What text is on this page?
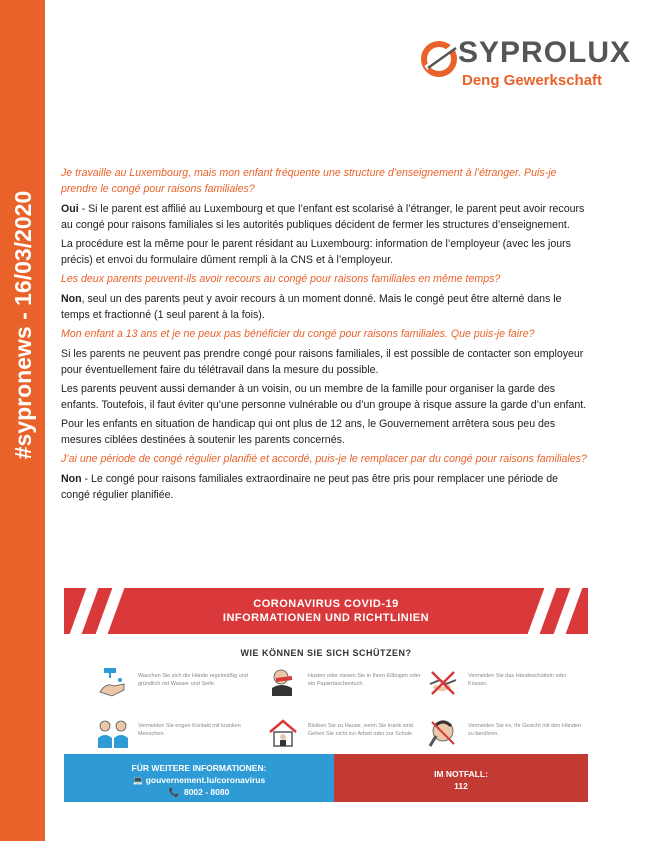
#sypronews - 16/03/2020
SYPROLUX
Deng Gewerkschaft

Je travaille au Luxembourg, mais mon enfant fréquente une structure d’enseignement à l’étranger. Puis-je prendre le congé pour raisons familiales?

Oui - Si le parent est affilié au Luxembourg et que l’enfant est scolarisé à l’étranger, le parent peut avoir recours au congé pour raisons familiales si les autorités publiques décident de fermer les structures d’enseignement.

La procédure est la même pour le parent résidant au Luxembourg: information de l’employeur (avec les jours précis) et envoi du formulaire dûment rempli à la CNS et à l’employeur.

Les deux parents peuvent-ils avoir recours au congé pour raisons familiales en même temps?

Non, seul un des parents peut y avoir recours à un moment donné. Mais le congé peut être alterné dans le temps et fractionné (1 seul parent à la fois).

Mon enfant a 13 ans et je ne peux pas bénéficier du congé pour raisons familiales. Que puis-je faire?

Si les parents ne peuvent pas prendre congé pour raisons familiales, il est possible de contacter son employeur pour éventuellement faire du télétravail dans la mesure du possible.

Les parents peuvent aussi demander à un voisin, ou un membre de la famille pour organiser la garde des enfants. Toutefois, il faut éviter qu’une personne vulnérable ou d’un groupe à risque assure la garde d’un enfant.

Pour les enfants en situation de handicap qui ont plus de 12 ans, le Gouvernement arrêtera sous peu des mesures ciblées destinées à soutenir les parents concernés.

J’ai une période de congé régulier planifié et accordé, puis-je le remplacer par du congé pour raisons familiales?

Non - Le congé pour raisons familiales extraordinaire ne peut pas être pris pour remplacer une période de congé régulier planifiée.

CORONAVIRUS COVID-19
INFORMATIONEN UND RICHTLINIEN
WIE KÖNNEN SIE SICH SCHÜTZEN?
Waschen Sie sich die Hände regelmäßig und gründlich mit Wasser und Seife.
Husten oder niesen Sie in Ihren Ellbogen oder ein Papiertaschentuch.
Vermeiden Sie das Händeschütteln oder Küssen.
Vermeiden Sie engen Kontakt mit kranken Menschen.
Bleiben Sie zu Hause, wenn Sie krank sind. Gehen Sie nicht zur Arbeit oder zur Schule.
Vermeiden Sie es, Ihr Gesicht mit den Händen zu berühren.
FÜR WEITERE INFORMATIONEN:
💻 gouvernement.lu/coronavirus
📞  8002 - 8080
IM NOTFALL:
112
